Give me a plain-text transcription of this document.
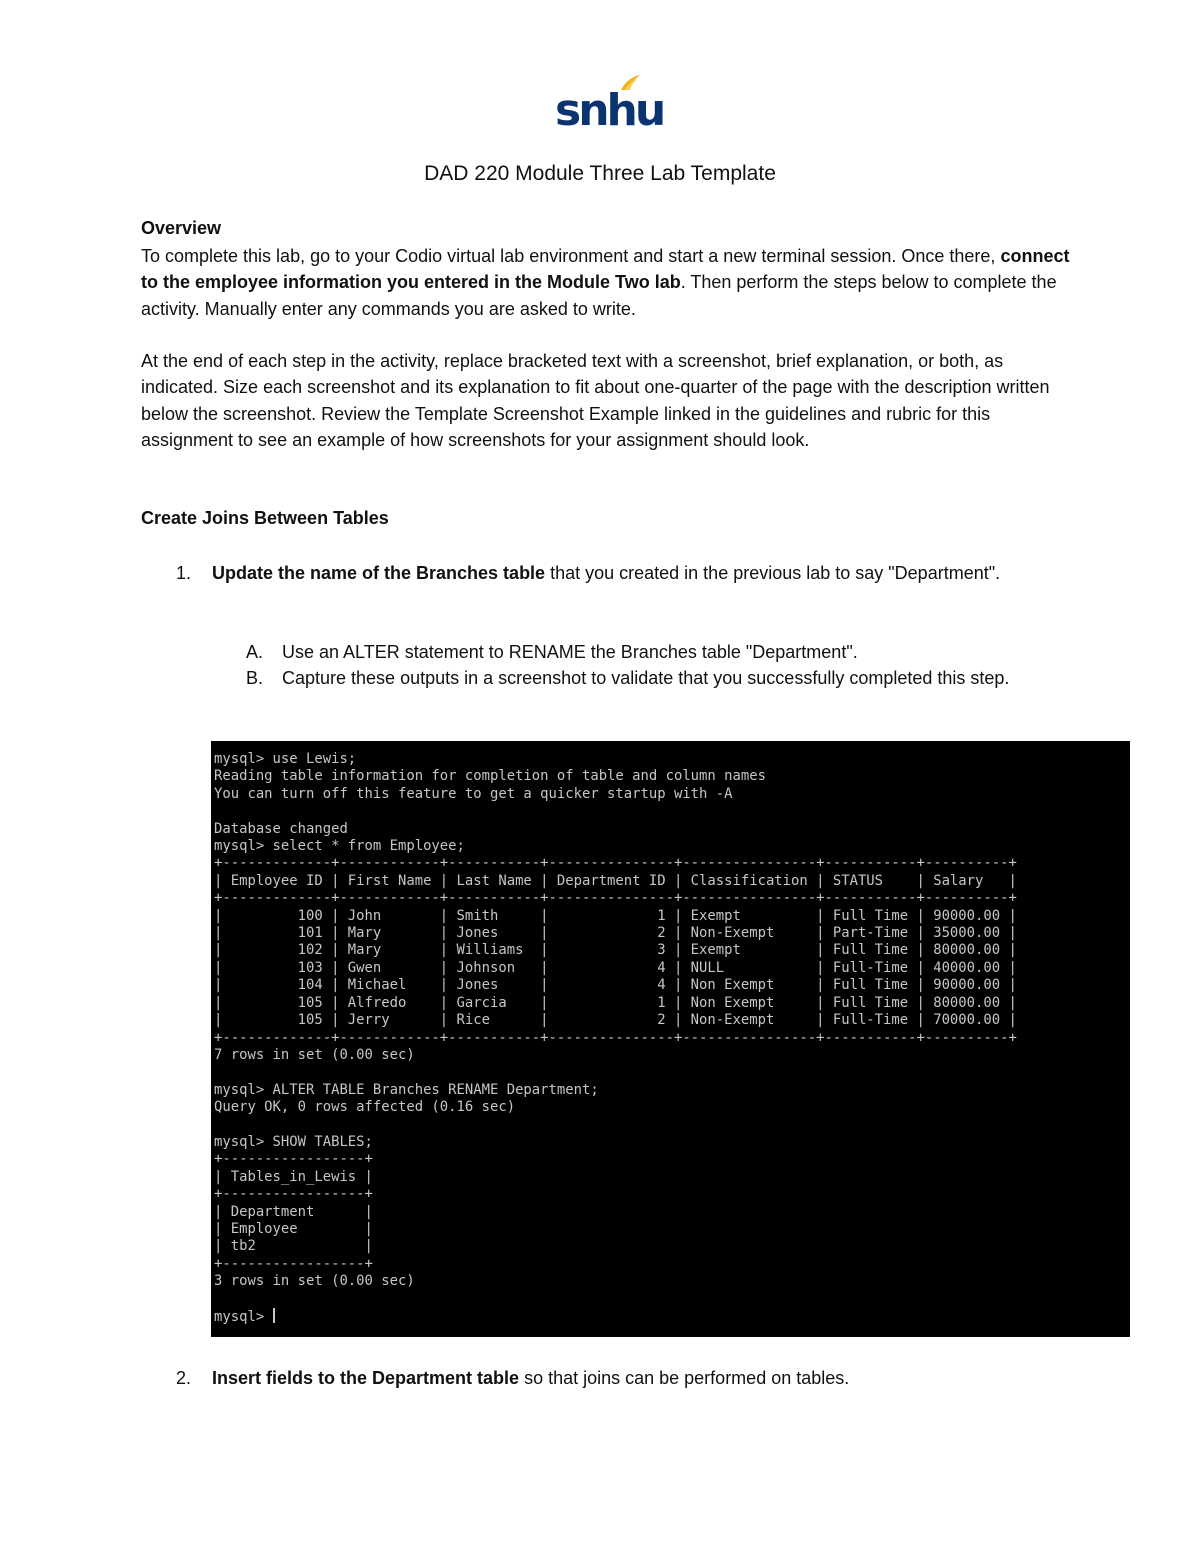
snhu
DAD 220 Module Three Lab Template

Overview

To complete this lab, go to your Codio virtual lab environment and start a new terminal session. Once there, connect to the employee information you entered in the Module Two lab. Then perform the steps below to complete the activity. Manually enter any commands you are asked to write.

At the end of each step in the activity, replace bracketed text with a screenshot, brief explanation, or both, as indicated. Size each screenshot and its explanation to fit about one-quarter of the page with the description written below the screenshot. Review the Template Screenshot Example linked in the guidelines and rubric for this assignment to see an example of how screenshots for your assignment should look.

Create Joins Between Tables

1. Update the name of the Branches table that you created in the previous lab to say "Department".
A. Use an ALTER statement to RENAME the Branches table "Department".
B. Capture these outputs in a screenshot to validate that you successfully completed this step.
mysql> use Lewis;
Reading table information for completion of table and column names
You can turn off this feature to get a quicker startup with -A

Database changed
mysql> select * from Employee;
+-------------+------------+-----------+---------------+----------------+-----------+----------+
| Employee ID | First Name | Last Name | Department ID | Classification | STATUS    | Salary   |
+-------------+------------+-----------+---------------+----------------+-----------+----------+
|         100 | John       | Smith     |             1 | Exempt         | Full Time | 90000.00 |
|         101 | Mary       | Jones     |             2 | Non-Exempt     | Part-Time | 35000.00 |
|         102 | Mary       | Williams  |             3 | Exempt         | Full Time | 80000.00 |
|         103 | Gwen       | Johnson   |             4 | NULL           | Full-Time | 40000.00 |
|         104 | Michael    | Jones     |             4 | Non Exempt     | Full Time | 90000.00 |
|         105 | Alfredo    | Garcia    |             1 | Non Exempt     | Full Time | 80000.00 |
|         105 | Jerry      | Rice      |             2 | Non-Exempt     | Full-Time | 70000.00 |
+-------------+------------+-----------+---------------+----------------+-----------+----------+
7 rows in set (0.00 sec)

mysql> ALTER TABLE Branches RENAME Department;
Query OK, 0 rows affected (0.16 sec)

mysql> SHOW TABLES;
+-----------------+
| Tables_in_Lewis |
+-----------------+
| Department      |
| Employee        |
| tb2             |
+-----------------+
3 rows in set (0.00 sec)

mysql>
2. Insert fields to the Department table so that joins can be performed on tables.
